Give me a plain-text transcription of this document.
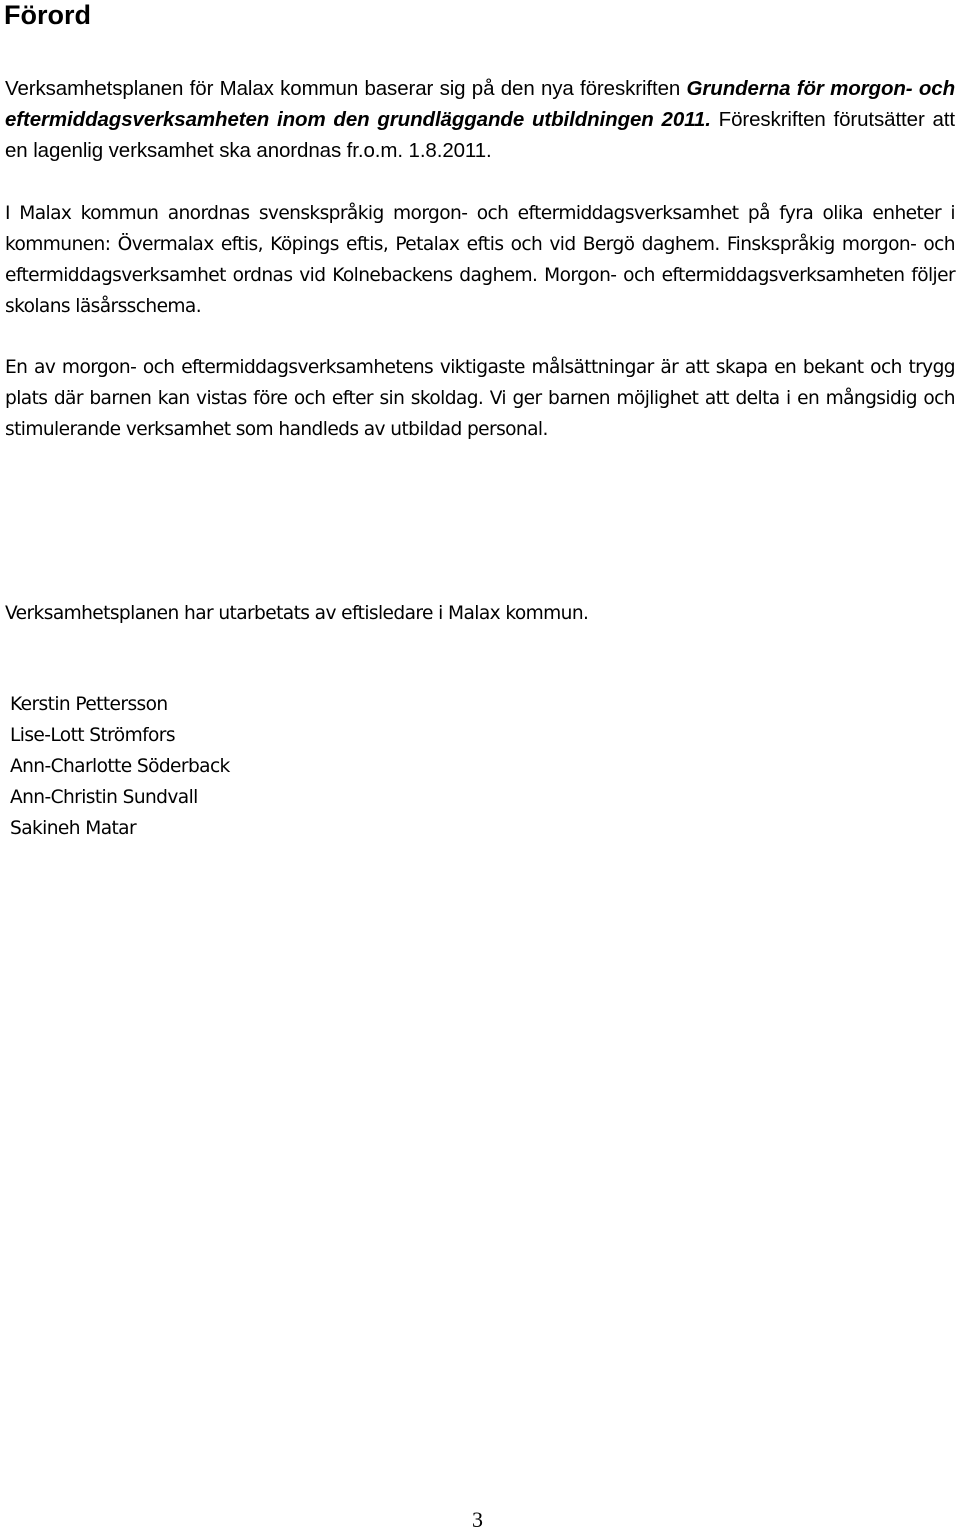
Förord

Verksamhetsplanen för Malax kommun baserar sig på den nya föreskriften Grunderna för morgon- och eftermiddagsverksamheten inom den grundläggande utbildningen 2011. Föreskriften förutsätter att en lagenlig verksamhet ska anordnas fr.o.m. 1.8.2011.

I Malax kommun anordnas svenskspråkig morgon- och eftermiddagsverksamhet på fyra olika enheter i kommunen: Övermalax eftis, Köpings eftis, Petalax eftis och vid Bergö daghem. Finskspråkig morgon- och eftermiddagsverksamhet ordnas vid Kolnebackens daghem. Morgon- och eftermiddagsverksamheten följer skolans läsårsschema.

En av morgon- och eftermiddagsverksamhetens viktigaste målsättningar är att skapa en bekant och trygg plats där barnen kan vistas före och efter sin skoldag. Vi ger barnen möjlighet att delta i en mångsidig och stimulerande verksamhet som handleds av utbildad personal.

Verksamhetsplanen har utarbetats av eftisledare i Malax kommun.

Kerstin Pettersson
Lise-Lott Strömfors
Ann-Charlotte Söderback
Ann-Christin Sundvall
Sakineh Matar
3
